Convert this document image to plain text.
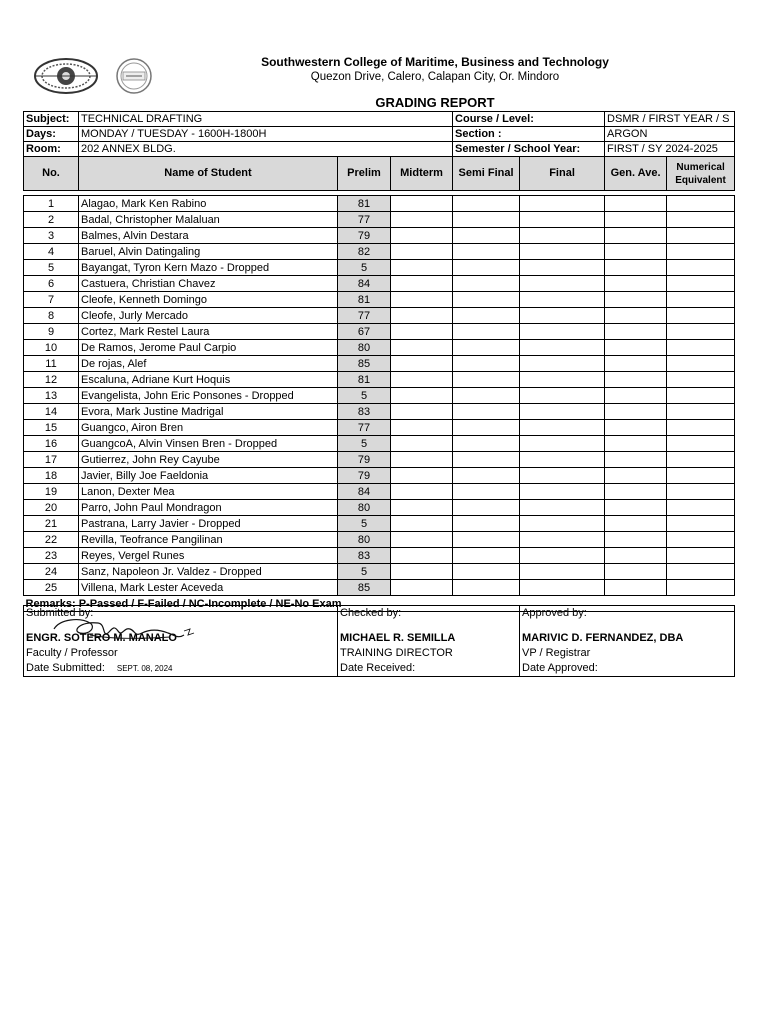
Southwestern College of Maritime, Business and Technology
Quezon Drive, Calero, Calapan City, Or. Mindoro
GRADING REPORT
Subject:	TECHNICAL DRAFTING			Course / Level:		DSMR / FIRST YEAR / S	
Days:	MONDAY / TUESDAY - 1600H-1800H			Section :		ARGON	
Room:	202 ANNEX BLDG.			Semester / School Year:		FIRST / SY 2024-2025	
No.	Name of Student	Prelim	Midterm	Semi Final	Final	Gen. Ave.	Numerical Equivalent

1	Alagao, Mark Ken Rabino	81					
2	Badal, Christopher Malaluan	77					
3	Balmes, Alvin Destara	79					
4	Baruel, Alvin Datingaling	82					
5	Bayangat, Tyron Kern Mazo - Dropped	5					
6	Castuera, Christian Chavez	84					
7	Cleofe, Kenneth Domingo	81					
8	Cleofe, Jurly Mercado	77					
9	Cortez, Mark Restel Laura	67					
10	De Ramos, Jerome Paul Carpio	80					
11	De rojas, Alef	85					
12	Escaluna, Adriane Kurt Hoquis	81					
13	Evangelista, John Eric Ponsones - Dropped	5					
14	Evora, Mark Justine Madrigal	83					
15	Guangco, Airon Bren	77					
16	GuangcoA, Alvin Vinsen Bren - Dropped	5					
17	Gutierrez, John Rey Cayube	79					
18	Javier, Billy Joe Faeldonia	79					
19	Lanon, Dexter Mea	84					
20	Parro, John Paul Mondragon	80					
21	Pastrana, Larry Javier - Dropped	5					
22	Revilla, Teofrance Pangilinan	80					
23	Reyes, Vergel Runes	83					
24	Sanz, Napoleon Jr. Valdez - Dropped	5					
25	Villena, Mark Lester Aceveda	85					
Remarks: P-Passed / F-Failed / NC-Incomplete / NE-No Exam							
Submitted by:	Checked by:	Approved by:

ENGR. SOTERO M. MANALO	MICHAEL R. SEMILLA	MARIVIC D. FERNANDEZ, DBA
Faculty / Professor	TRAINING DIRECTOR	VP / Registrar
Date Submitted: SEPT. 08, 2024	Date Received:	Date Approved:
